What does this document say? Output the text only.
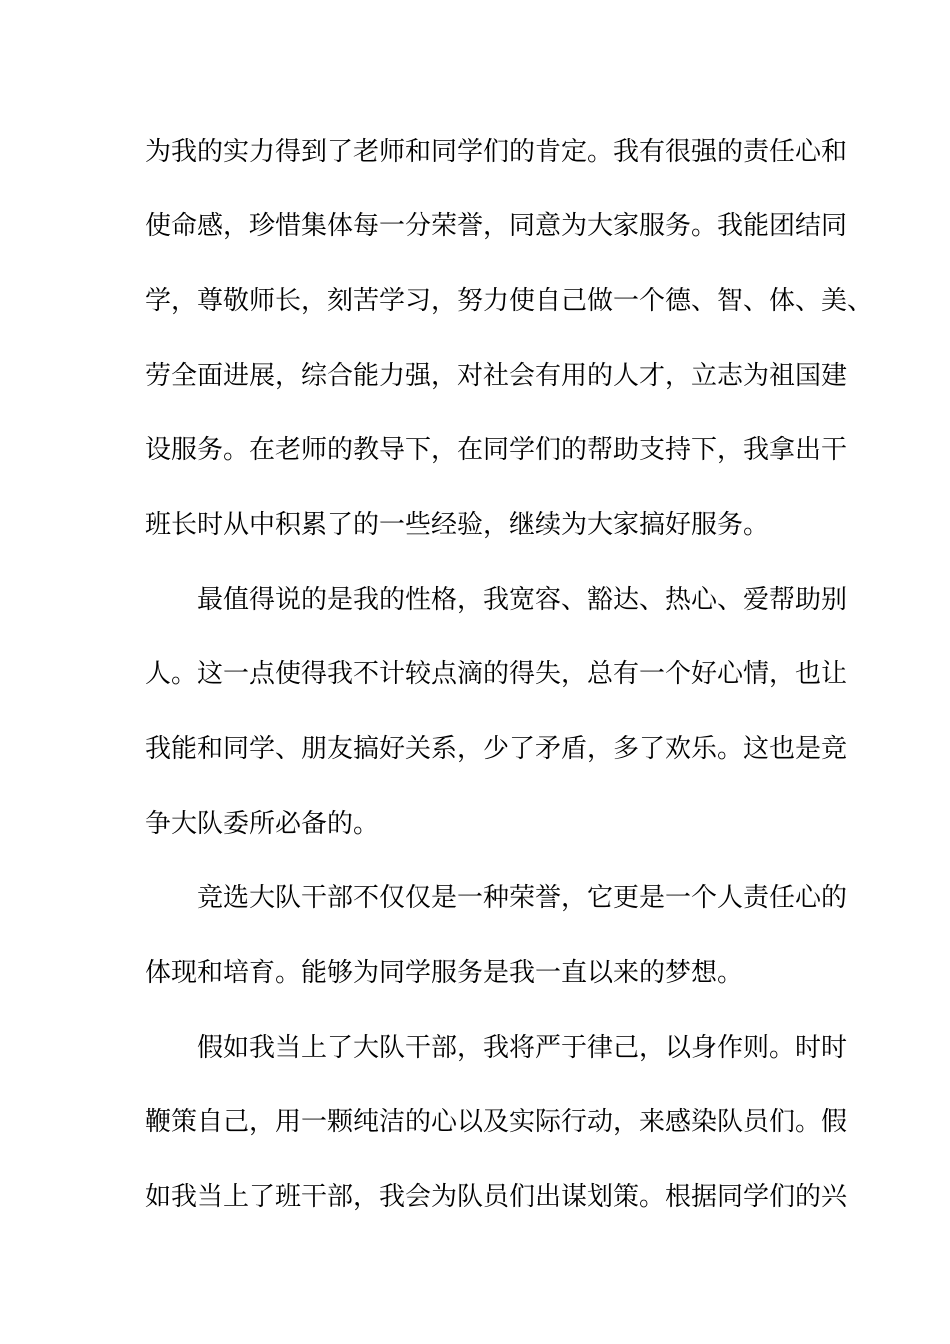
为我的实力得到了老师和同学们的肯定。我有很强的责任心和
使命感，珍惜集体每一分荣誉，同意为大家服务。我能团结同
学，尊敬师长，刻苦学习，努力使自己做一个德、智、体、美、
劳全面进展，综合能力强，对社会有用的人才，立志为祖国建
设服务。在老师的教导下，在同学们的帮助支持下，我拿出干
班长时从中积累了的一些经验，继续为大家搞好服务。
　　最值得说的是我的性格，我宽容、豁达、热心、爱帮助别
人。这一点使得我不计较点滴的得失，总有一个好心情，也让
我能和同学、朋友搞好关系，少了矛盾，多了欢乐。这也是竞
争大队委所必备的。
　　竞选大队干部不仅仅是一种荣誉，它更是一个人责任心的
体现和培育。能够为同学服务是我一直以来的梦想。
　　假如我当上了大队干部，我将严于律己，以身作则。时时
鞭策自己，用一颗纯洁的心以及实际行动，来感染队员们。假
如我当上了班干部，我会为队员们出谋划策。根据同学们的兴
